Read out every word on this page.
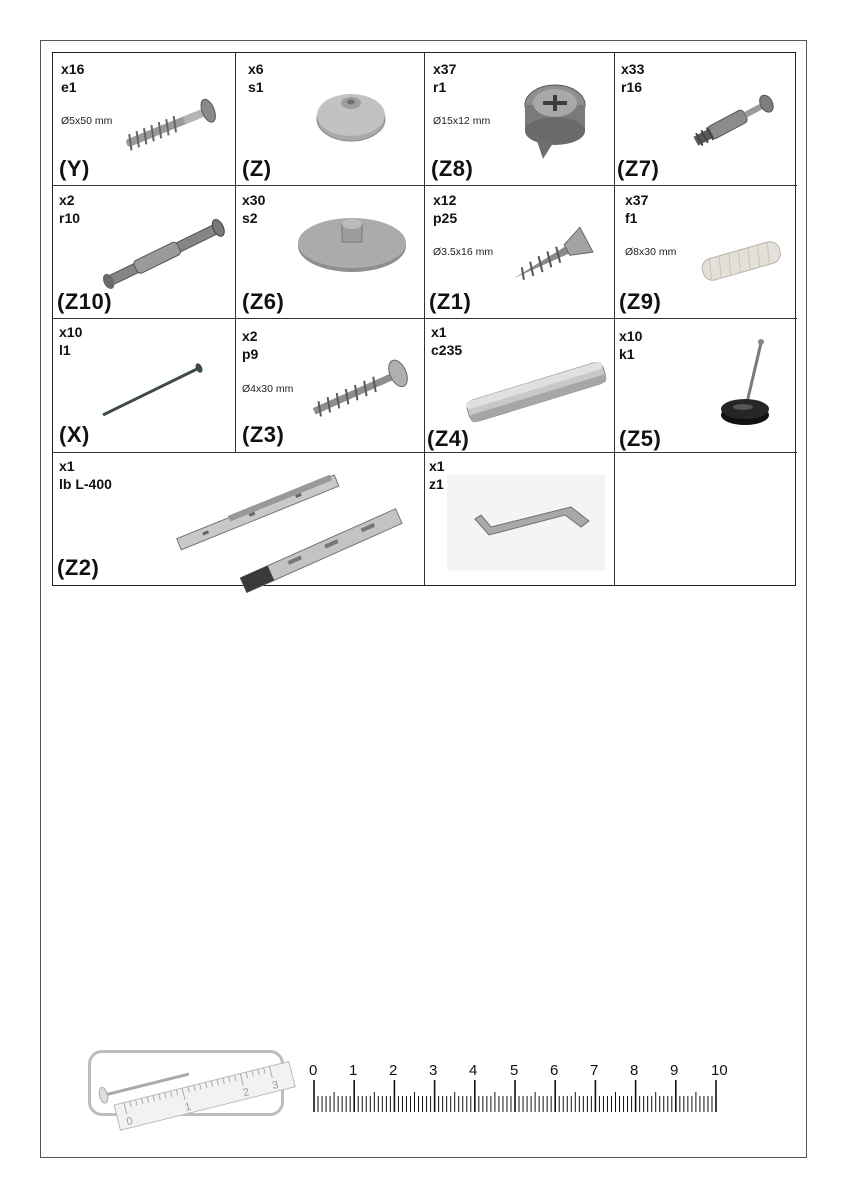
x16
e1
Ø5x50 mm
(Y)
x6
s1
(Z)
x37
r1
Ø15x12 mm
(Z8)
x33
r16
(Z7)
x2
r10
(Z10)
x30
s2
(Z6)
x12
p25
Ø3.5x16 mm
(Z1)
x37
f1
Ø8x30 mm
(Z9)
x10
l1
(X)
x2
p9
Ø4x30 mm
(Z3)
x1
c235
(Z4)
x10
k1
(Z5)
x1
lb L-400
(Z2)
x1
z1
0
1
2
3
0 1 2 3 4 5 6 7 8 9 10
